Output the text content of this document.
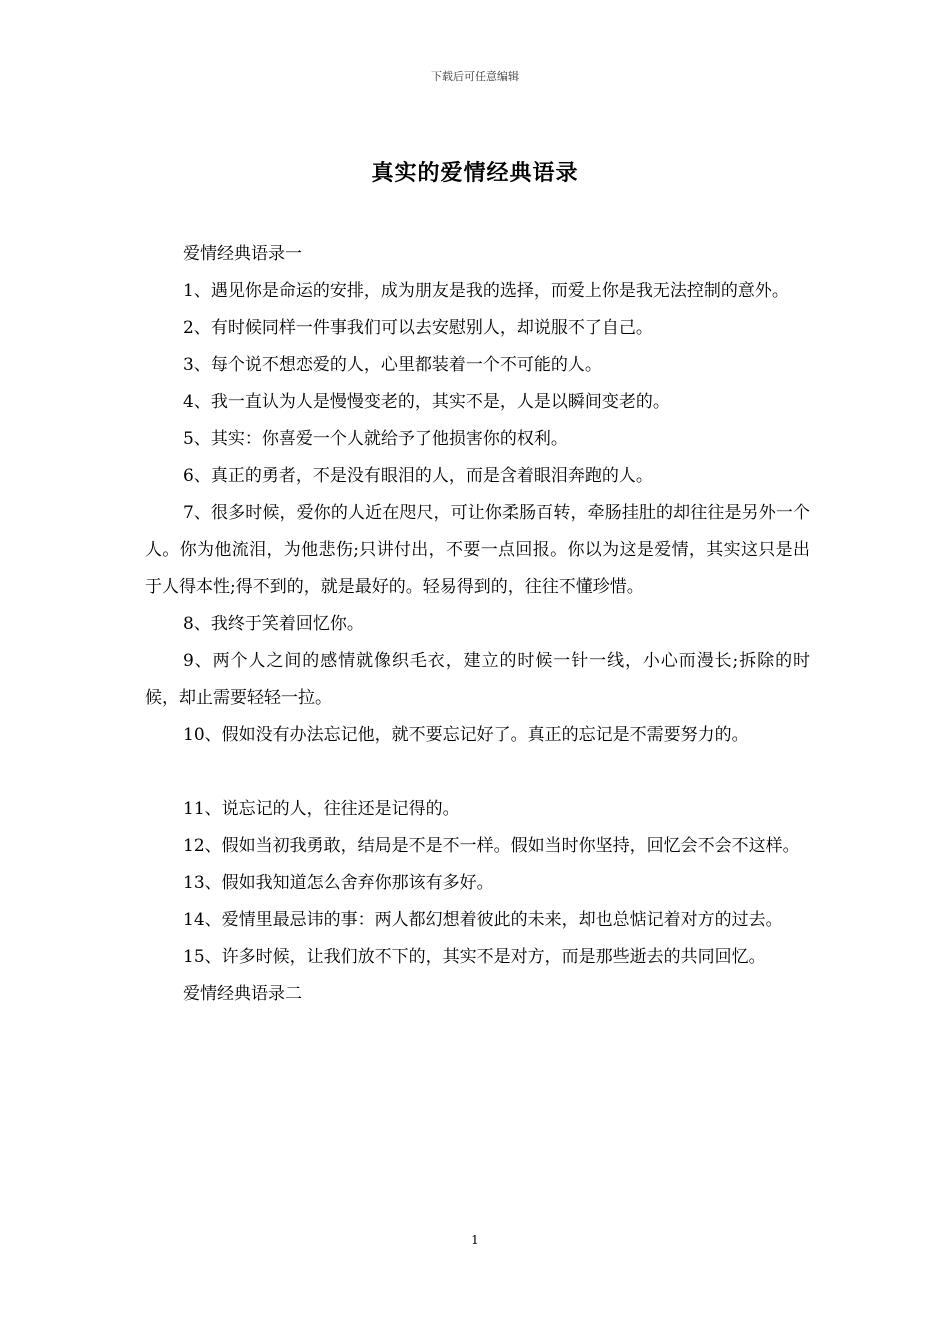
下载后可任意编辑
真实的爱情经典语录

爱情经典语录一

1、遇见你是命运的安排，成为朋友是我的选择，而爱上你是我无法控制的意外。

2、有时候同样一件事我们可以去安慰别人，却说服不了自己。

3、每个说不想恋爱的人，心里都装着一个不可能的人。

4、我一直认为人是慢慢变老的，其实不是，人是以瞬间变老的。

5、其实：你喜爱一个人就给予了他损害你的权利。

6、真正的勇者，不是没有眼泪的人，而是含着眼泪奔跑的人。

7、很多时候，爱你的人近在咫尺，可让你柔肠百转，牵肠挂肚的却往往是另外一个人。你为他流泪，为他悲伤;只讲付出，不要一点回报。你以为这是爱情，其实这只是出于人得本性;得不到的，就是最好的。轻易得到的，往往不懂珍惜。

8、我终于笑着回忆你。

9、两个人之间的感情就像织毛衣，建立的时候一针一线，小心而漫长;拆除的时候，却止需要轻轻一拉。

10、假如没有办法忘记他，就不要忘记好了。真正的忘记是不需要努力的。

11、说忘记的人，往往还是记得的。

12、假如当初我勇敢，结局是不是不一样。假如当时你坚持，回忆会不会不这样。

13、假如我知道怎么舍弃你那该有多好。

14、爱情里最忌讳的事：两人都幻想着彼此的未来，却也总惦记着对方的过去。

15、许多时候，让我们放不下的，其实不是对方，而是那些逝去的共同回忆。

爱情经典语录二

1
